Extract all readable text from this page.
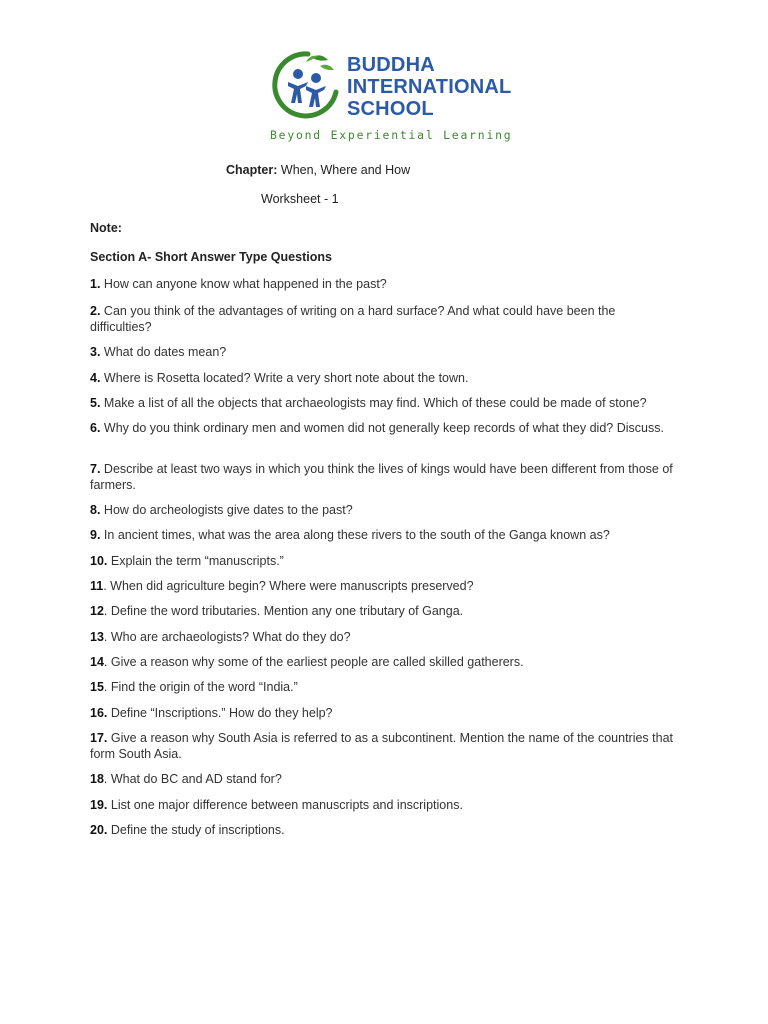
BUDDHA
INTERNATIONAL
SCHOOL
Beyond Experiential Learning
Chapter: When, Where and How
Worksheet - 1
Note:
Section A- Short Answer Type Questions
1. How can anyone know what happened in the past?
2. Can you think of the advantages of writing on a hard surface? And what could have been the difficulties?
3. What do dates mean?
4. Where is Rosetta located? Write a very short note about the town.
5. Make a list of all the objects that archaeologists may find. Which of these could be made of stone?
6. Why do you think ordinary men and women did not generally keep records of what they did? Discuss.
7. Describe at least two ways in which you think the lives of kings would have been different from those of farmers.
8. How do archeologists give dates to the past?
9. In ancient times, what was the area along these rivers to the south of the Ganga known as?
10. Explain the term “manuscripts.”
11. When did agriculture begin? Where were manuscripts preserved?
12. Define the word tributaries. Mention any one tributary of Ganga.
13. Who are archaeologists? What do they do?
14. Give a reason why some of the earliest people are called skilled gatherers.
15. Find the origin of the word “India.”
16. Define “Inscriptions.” How do they help?
17. Give a reason why South Asia is referred to as a subcontinent. Mention the name of the countries that form South Asia.
18. What do BC and AD stand for?
19. List one major difference between manuscripts and inscriptions.
20. Define the study of inscriptions.
